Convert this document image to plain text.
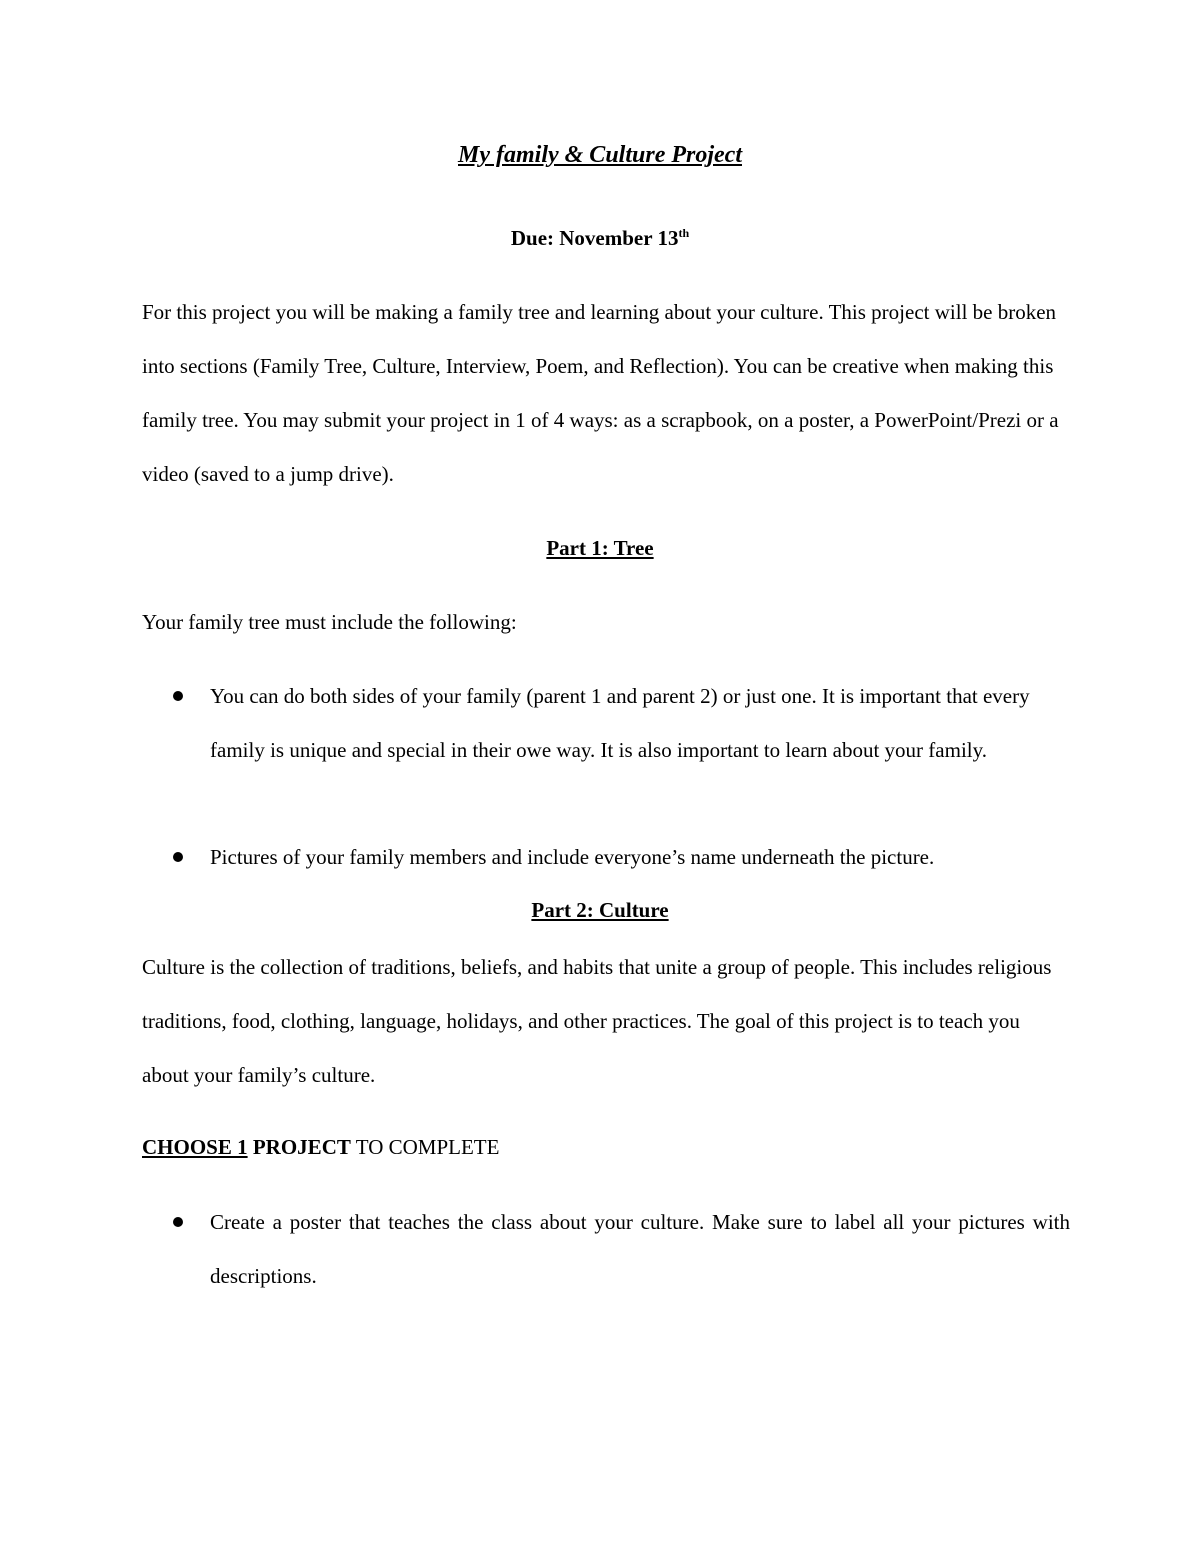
My family & Culture Project
Due: November 13th

For this project you will be making a family tree and learning about your culture. This project will be broken into sections (Family Tree, Culture, Interview, Poem, and Reflection). You can be creative when making this family tree. You may submit your project in 1 of 4 ways: as a scrapbook, on a poster, a PowerPoint/Prezi or a video (saved to a jump drive).

Part 1: Tree

Your family tree must include the following:

You can do both sides of your family (parent 1 and parent 2) or just one. It is important that every family is unique and special in their owe way. It is also important to learn about your family.

Pictures of your family members and include everyone’s name underneath the picture.

Part 2: Culture

Culture is the collection of traditions, beliefs, and habits that unite a group of people. This includes religious traditions, food, clothing, language, holidays, and other practices. The goal of this project is to teach you about your family’s culture.

CHOOSE 1 PROJECT TO COMPLETE

Create a poster that teaches the class about your culture. Make sure to label all your pictures with descriptions.
